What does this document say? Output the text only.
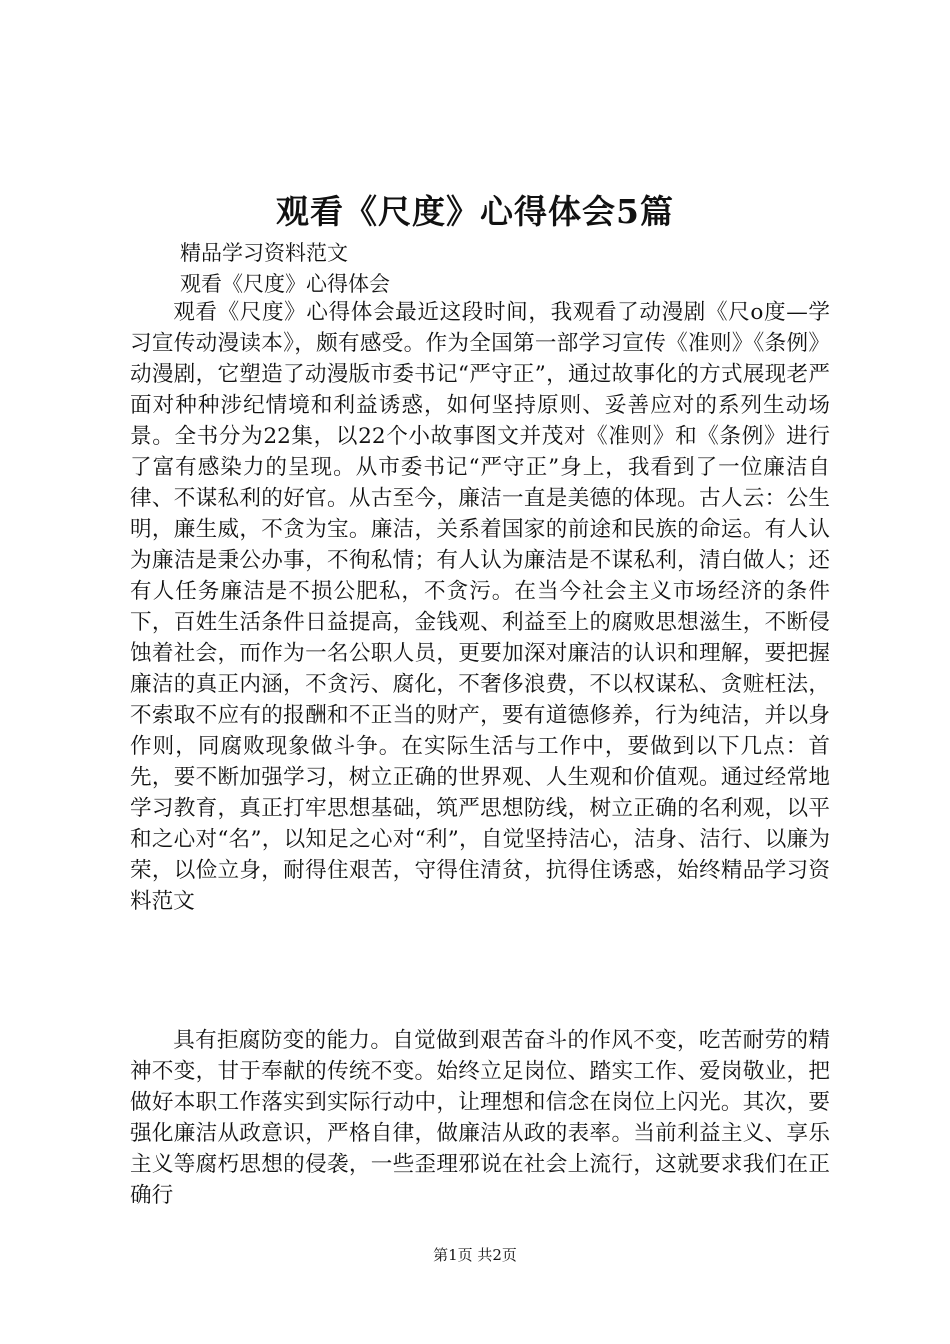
观看《尺度》心得体会5篇

精品学习资料范文

观看《尺度》心得体会

观看《尺度》心得体会最近这段时间，我观看了动漫剧《尺o度—学习宣传动漫读本》，颇有感受。作为全国第一部学习宣传《准则》《条例》动漫剧，它塑造了动漫版市委书记“严守正”，通过故事化的方式展现老严面对种种涉纪情境和利益诱惑，如何坚持原则、妥善应对的系列生动场景。全书分为22集，以22个小故事图文并茂对《准则》和《条例》进行了富有感染力的呈现。从市委书记“严守正”身上，我看到了一位廉洁自律、不谋私利的好官。从古至今，廉洁一直是美德的体现。古人云：公生明，廉生威，不贪为宝。廉洁，关系着国家的前途和民族的命运。有人认为廉洁是秉公办事，不徇私情；有人认为廉洁是不谋私利，清白做人；还有人任务廉洁是不损公肥私，不贪污。在当今社会主义市场经济的条件下，百姓生活条件日益提高，金钱观、利益至上的腐败思想滋生，不断侵蚀着社会，而作为一名公职人员，更要加深对廉洁的认识和理解，要把握廉洁的真正内涵，不贪污、腐化，不奢侈浪费，不以权谋私、贪赃枉法，不索取不应有的报酬和不正当的财产，要有道德修养，行为纯洁，并以身作则，同腐败现象做斗争。在实际生活与工作中，要做到以下几点：首先，要不断加强学习，树立正确的世界观、人生观和价值观。通过经常地学习教育，真正打牢思想基础，筑严思想防线，树立正确的名利观，以平和之心对“名”，以知足之心对“利”，自觉坚持洁心，洁身、洁行、以廉为荣，以俭立身，耐得住艰苦，守得住清贫，抗得住诱惑，始终精品学习资料范文

具有拒腐防变的能力。自觉做到艰苦奋斗的作风不变，吃苦耐劳的精神不变，甘于奉献的传统不变。始终立足岗位、踏实工作、爱岗敬业，把做好本职工作落实到实际行动中，让理想和信念在岗位上闪光。其次，要强化廉洁从政意识，严格自律，做廉洁从政的表率。当前利益主义、享乐主义等腐朽思想的侵袭，一些歪理邪说在社会上流行，这就要求我们在正确行

第1页 共2页
